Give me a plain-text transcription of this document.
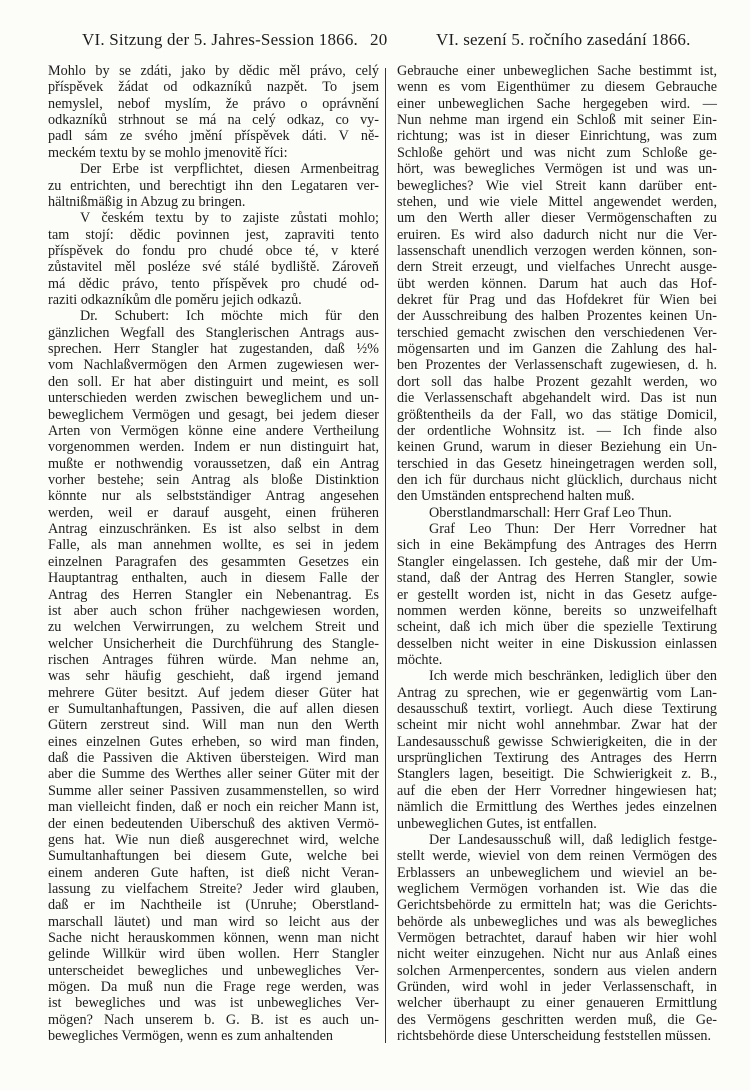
VI. Sitzung der 5. Jahres-Session 1866. 20	VI. sezení 5. ročního zasedání 1866.
Mohlo by se zdáti, jako by dědic měl právo, celý
příspěvek žádat od odkazníků nazpět. To jsem
nemyslel, nebof myslím, že právo o oprávnění
odkazníků strhnout se má na celý odkaz, co vy-
padl sám ze svého jmění příspěvek dáti. V ně-
meckém textu by se mohlo jmenovitě říci:
Der Erbe ist verpflichtet, diesen Armenbeitrag
zu entrichten, und berechtigt ihn den Legataren ver-
hältnißmäßig in Abzug zu bringen.
V českém textu by to zajiste zůstati mohlo;
tam stojí: dědic povinnen jest, zapraviti tento
příspěvek do fondu pro chudé obce té, v které
zůstavitel měl posléze své stálé bydliště. Zároveň
má dědic právo, tento příspěvek pro chudé od-
raziti odkazníkům dle poměru jejich odkazů.
Dr. Schubert: Ich möchte mich für den
gänzlichen Wegfall des Stanglerischen Antrags aus-
sprechen. Herr Stangler hat zugestanden, daß ½%
vom Nachlaßvermögen den Armen zugewiesen wer-
den soll. Er hat aber distinguirt und meint, es soll
unterschieden werden zwischen beweglichem und un-
beweglichem Vermögen und gesagt, bei jedem dieser
Arten von Vermögen könne eine andere Vertheilung
vorgenommen werden. Indem er nun distinguirt hat,
mußte er nothwendig voraussetzen, daß ein Antrag
vorher bestehe; sein Antrag als bloße Distinktion
könnte nur als selbstständiger Antrag angesehen
werden, weil er darauf ausgeht, einen früheren
Antrag einzuschränken. Es ist also selbst in dem
Falle, als man annehmen wollte, es sei in jedem
einzelnen Paragrafen des gesammten Gesetzes ein
Hauptantrag enthalten, auch in diesem Falle der
Antrag des Herren Stangler ein Nebenantrag. Es
ist aber auch schon früher nachgewiesen worden,
zu welchen Verwirrungen, zu welchem Streit und
welcher Unsicherheit die Durchführung des Stangle-
rischen Antrages führen würde. Man nehme an,
was sehr häufig geschieht, daß irgend jemand
mehrere Güter besitzt. Auf jedem dieser Güter hat
er Sumultanhaftungen, Passiven, die auf allen diesen
Gütern zerstreut sind. Will man nun den Werth
eines einzelnen Gutes erheben, so wird man finden,
daß die Passiven die Aktiven übersteigen. Wird man
aber die Summe des Werthes aller seiner Güter mit der
Summe aller seiner Passiven zusammenstellen, so wird
man vielleicht finden, daß er noch ein reicher Mann ist,
der einen bedeutenden Uiberschuß des aktiven Vermö-
gens hat. Wie nun dieß ausgerechnet wird, welche
Sumultanhaftungen bei diesem Gute, welche bei
einem anderen Gute haften, ist dieß nicht Veran-
lassung zu vielfachem Streite? Jeder wird glauben,
daß er im Nachtheile ist (Unruhe; Oberstland-
marschall läutet) und man wird so leicht aus der
Sache nicht herauskommen können, wenn man nicht
gelinde Willkür wird üben wollen. Herr Stangler
unterscheidet bewegliches und unbewegliches Ver-
mögen. Da muß nun die Frage rege werden, was
ist bewegliches und was ist unbewegliches Ver-
mögen? Nach unserem b. G. B. ist es auch un-
bewegliches Vermögen, wenn es zum anhaltenden
Gebrauche einer unbeweglichen Sache bestimmt ist,
wenn es vom Eigenthümer zu diesem Gebrauche
einer unbeweglichen Sache hergegeben wird. —
Nun nehme man irgend ein Schloß mit seiner Ein-
richtung; was ist in dieser Einrichtung, was zum
Schloße gehört und was nicht zum Schloße ge-
hört, was bewegliches Vermögen ist und was un-
bewegliches? Wie viel Streit kann darüber ent-
stehen, und wie viele Mittel angewendet werden,
um den Werth aller dieser Vermögenschaften zu
eruiren. Es wird also dadurch nicht nur die Ver-
lassenschaft unendlich verzogen werden können, son-
dern Streit erzeugt, und vielfaches Unrecht ausge-
übt werden können. Darum hat auch das Hof-
dekret für Prag und das Hofdekret für Wien bei
der Ausschreibung des halben Prozentes keinen Un-
terschied gemacht zwischen den verschiedenen Ver-
mögensarten und im Ganzen die Zahlung des hal-
ben Prozentes der Verlassenschaft zugewiesen, d. h.
dort soll das halbe Prozent gezahlt werden, wo
die Verlassenschaft abgehandelt wird. Das ist nun
größtentheils da der Fall, wo das stätige Domicil,
der ordentliche Wohnsitz ist. — Ich finde also
keinen Grund, warum in dieser Beziehung ein Un-
terschied in das Gesetz hineingetragen werden soll,
den ich für durchaus nicht glücklich, durchaus nicht
den Umständen entsprechend halten muß.
Oberstlandmarschall: Herr Graf Leo Thun.
Graf Leo Thun: Der Herr Vorredner hat
sich in eine Bekämpfung des Antrages des Herrn
Stangler eingelassen. Ich gestehe, daß mir der Um-
stand, daß der Antrag des Herren Stangler, sowie
er gestellt worden ist, nicht in das Gesetz aufge-
nommen werden könne, bereits so unzweifelhaft
scheint, daß ich mich über die spezielle Textirung
desselben nicht weiter in eine Diskussion einlassen
möchte.
Ich werde mich beschränken, lediglich über den
Antrag zu sprechen, wie er gegenwärtig vom Lan-
desausschuß textirt, vorliegt. Auch diese Textirung
scheint mir nicht wohl annehmbar. Zwar hat der
Landesausschuß gewisse Schwierigkeiten, die in der
ursprünglichen Textirung des Antrages des Herrn
Stanglers lagen, beseitigt. Die Schwierigkeit z. B.,
auf die eben der Herr Vorredner hingewiesen hat;
nämlich die Ermittlung des Werthes jedes einzelnen
unbeweglichen Gutes, ist entfallen.
Der Landesausschuß will, daß lediglich festge-
stellt werde, wieviel von dem reinen Vermögen des
Erblassers an unbeweglichem und wieviel an be-
weglichem Vermögen vorhanden ist. Wie das die
Gerichtsbehörde zu ermitteln hat; was die Gerichts-
behörde als unbewegliches und was als bewegliches
Vermögen betrachtet, darauf haben wir hier wohl
nicht weiter einzugehen. Nicht nur aus Anlaß eines
solchen Armenpercentes, sondern aus vielen andern
Gründen, wird wohl in jeder Verlassenschaft, in
welcher überhaupt zu einer genaueren Ermittlung
des Vermögens geschritten werden muß, die Ge-
richtsbehörde diese Unterscheidung feststellen müssen.
